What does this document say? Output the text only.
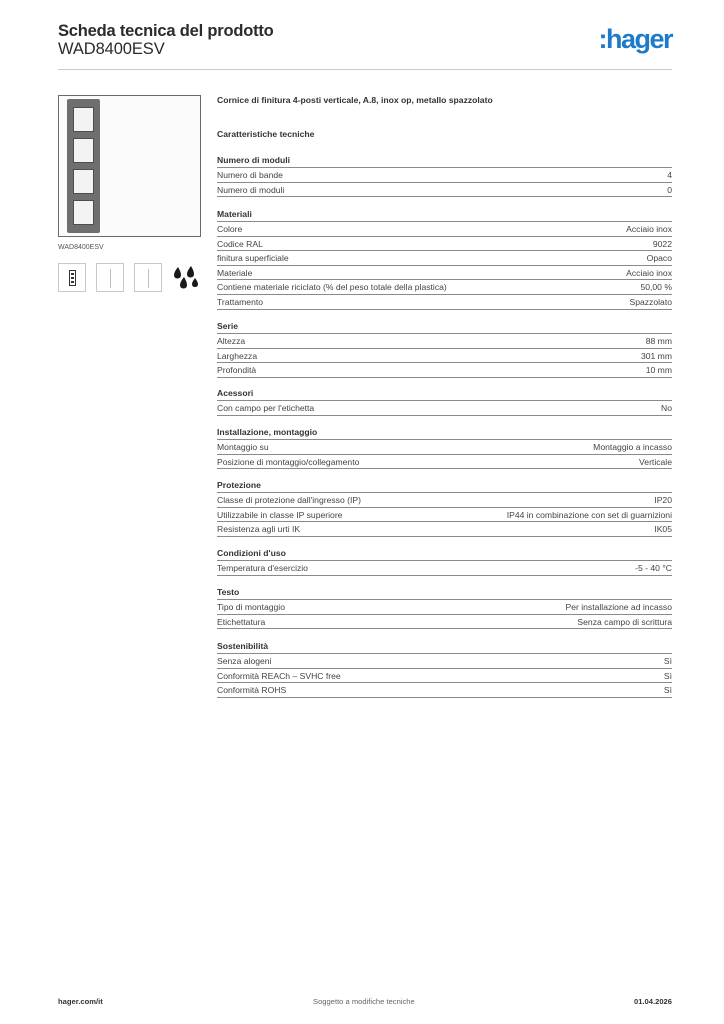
Scheda tecnica del prodotto
WAD8400ESV	:hager
WAD8400ESV
Cornice di finitura 4-posti verticale, A.8, inox op, metallo spazzolato
Caratteristiche tecniche
Numero di moduli
Numero di bande	4
Numero di moduli	0
Materiali
Colore	Acciaio inox
Codice RAL	9022
finitura superficiale	Opaco
Materiale	Acciaio inox
Contiene materiale riciclato (% del peso totale della plastica)	50,00 %
Trattamento	Spazzolato
Serie
Altezza	88 mm
Larghezza	301 mm
Profondità	10 mm
Acessori
Con campo per l'etichetta	No
Installazione, montaggio
Montaggio su	Montaggio a incasso
Posizione di montaggio/collegamento	Verticale
Protezione
Classe di protezione dall'ingresso (IP)	IP20
Utilizzabile in classe IP superiore	IP44 in combinazione con set di guarnizioni
Resistenza agli urti IK	IK05
Condizioni d'uso
Temperatura d'esercizio	-5 - 40 °C
Testo
Tipo di montaggio	Per installazione ad incasso
Etichettatura	Senza campo di scrittura
Sostenibilità
Senza alogeni	Sì
Conformità REACh – SVHC free	Sì
Conformità ROHS	Sì
hager.com/it	Soggetto a modifiche tecniche	01.04.2026
